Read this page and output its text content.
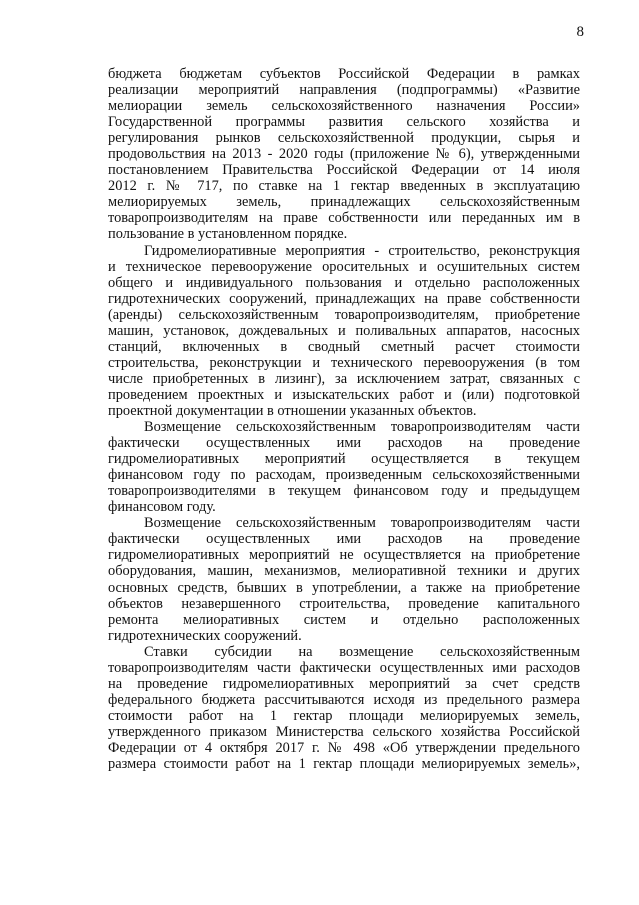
8
бюджета бюджетам субъектов Российской Федерации в рамках
реализации мероприятий направления (подпрограммы) «Развитие
мелиорации земель сельскохозяйственного назначения России»
Государственной программы развития сельского хозяйства и
регулирования рынков сельскохозяйственной продукции, сырья и
продовольствия на 2013 - 2020 годы (приложение № 6), утвержденными
постановлением Правительства Российской Федерации от 14 июля
2012 г. № 717, по ставке на 1 гектар введенных в эксплуатацию
мелиорируемых земель, принадлежащих сельскохозяйственным
товаропроизводителям на праве собственности или переданных им в
пользование в установленном порядке.
Гидромелиоративные мероприятия - строительство, реконструкция
и техническое перевооружение оросительных и осушительных систем
общего и индивидуального пользования и отдельно расположенных
гидротехнических сооружений, принадлежащих на праве собственности
(аренды) сельскохозяйственным товаропроизводителям, приобретение
машин, установок, дождевальных и поливальных аппаратов, насосных
станций, включенных в сводный сметный расчет стоимости
строительства, реконструкции и технического перевооружения (в том
числе приобретенных в лизинг), за исключением затрат, связанных с
проведением проектных и изыскательских работ и (или) подготовкой
проектной документации в отношении указанных объектов.
Возмещение сельскохозяйственным товаропроизводителям части
фактически осуществленных ими расходов на проведение
гидромелиоративных мероприятий осуществляется в текущем
финансовом году по расходам, произведенным сельскохозяйственными
товаропроизводителями в текущем финансовом году и предыдущем
финансовом году.
Возмещение сельскохозяйственным товаропроизводителям части
фактически осуществленных ими расходов на проведение
гидромелиоративных мероприятий не осуществляется на приобретение
оборудования, машин, механизмов, мелиоративной техники и других
основных средств, бывших в употреблении, а также на приобретение
объектов незавершенного строительства, проведение капитального
ремонта мелиоративных систем и отдельно расположенных
гидротехнических сооружений.
Ставки субсидии на возмещение сельскохозяйственным
товаропроизводителям части фактически осуществленных ими расходов
на проведение гидромелиоративных мероприятий за счет средств
федерального бюджета рассчитываются исходя из предельного размера
стоимости работ на 1 гектар площади мелиорируемых земель,
утвержденного приказом Министерства сельского хозяйства Российской
Федерации от 4 октября 2017 г. № 498 «Об утверждении предельного
размера стоимости работ на 1 гектар площади мелиорируемых земель»,
